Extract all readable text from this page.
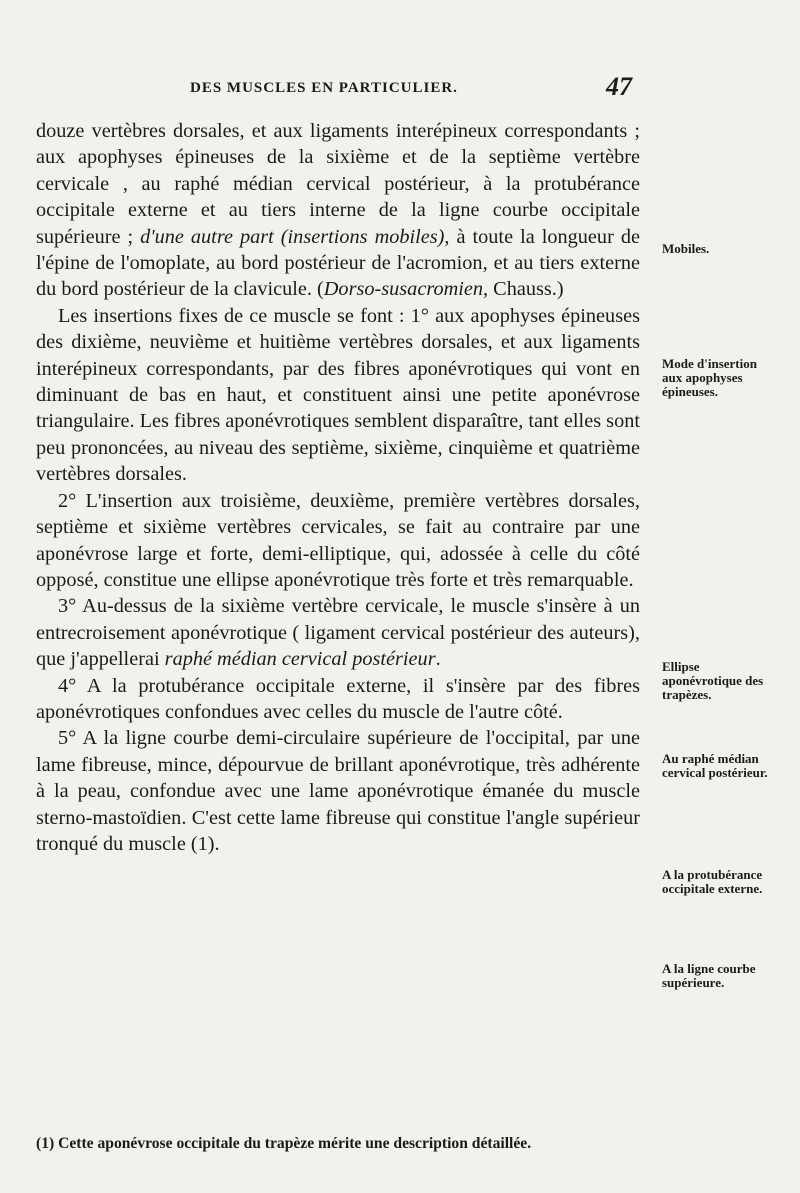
DES MUSCLES EN PARTICULIER.	47

douze vertèbres dorsales, et aux ligaments interépineux correspondants ; aux apophyses épineuses de la sixième et de la septième vertèbre cervicale , au raphé médian cervical postérieur, à la protubérance occipitale externe et au tiers interne de la ligne courbe occipitale supérieure ; d'une autre part (insertions mobiles), à toute la longueur de l'épine de l'omoplate, au bord postérieur de l'acromion, et au tiers externe du bord postérieur de la clavicule. (Dorso-susacromien, Chauss.)

Les insertions fixes de ce muscle se font : 1° aux apophyses épineuses des dixième, neuvième et huitième vertèbres dorsales, et aux ligaments interépineux correspondants, par des fibres aponévrotiques qui vont en diminuant de bas en haut, et constituent ainsi une petite aponévrose triangulaire. Les fibres aponévrotiques semblent disparaître, tant elles sont peu prononcées, au niveau des septième, sixième, cinquième et quatrième vertèbres dorsales.

2° L'insertion aux troisième, deuxième, première vertèbres dorsales, septième et sixième vertèbres cervicales, se fait au contraire par une aponévrose large et forte, demi-elliptique, qui, adossée à celle du côté opposé, constitue une ellipse aponévrotique très forte et très remarquable.

3° Au-dessus de la sixième vertèbre cervicale, le muscle s'insère à un entrecroisement aponévrotique ( ligament cervical postérieur des auteurs), que j'appellerai raphé médian cervical postérieur.

4° A la protubérance occipitale externe, il s'insère par des fibres aponévrotiques confondues avec celles du muscle de l'autre côté.

5° A la ligne courbe demi-circulaire supérieure de l'occipital, par une lame fibreuse, mince, dépourvue de brillant aponévrotique, très adhérente à la peau, confondue avec une lame aponévrotique émanée du muscle sterno-mastoïdien. C'est cette lame fibreuse qui constitue l'angle supérieur tronqué du muscle (1).

Mobiles.
Mode d'insertion aux apophyses épineuses.
Ellipse aponévrotique des trapèzes.
Au raphé médian cervical postérieur.
A la protubérance occipitale externe.
A la ligne courbe supérieure.
(1) Cette aponévrose occipitale du trapèze mérite une description détaillée.
